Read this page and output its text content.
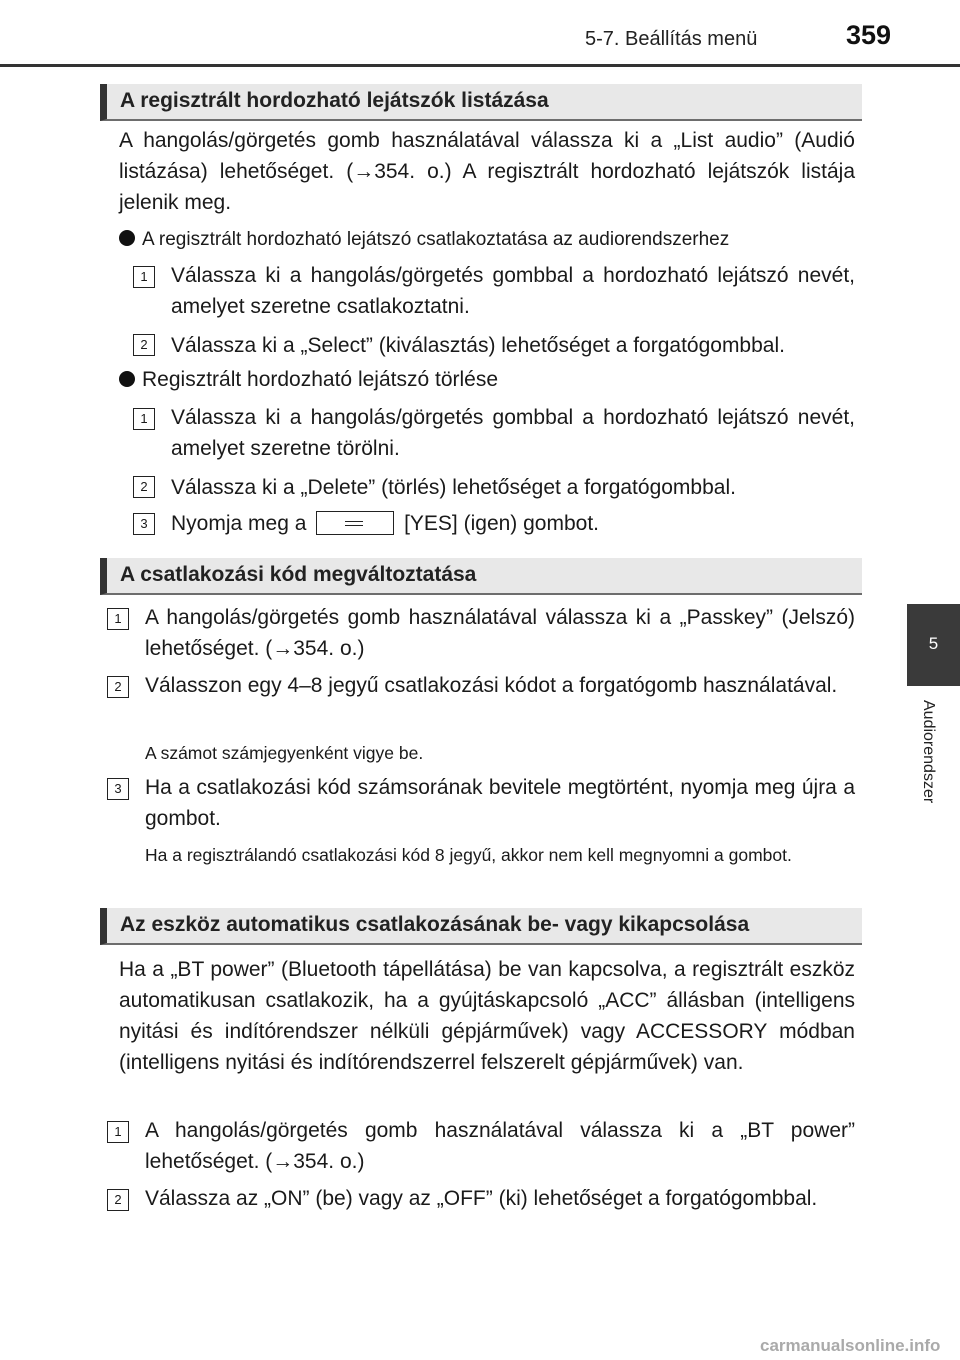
5-7. Beállítás menü	359
5
Audiorendszer
A regisztrált hordozható lejátszók listázása
A hangolás/görgetés gomb használatával válassza ki a „List audio” (Audió listázása) lehetőséget. (→354. o.) A regisztrált hordozható lejátszók listája jelenik meg.
A regisztrált hordozható lejátszó csatlakoztatása az audiorendszerhez
1	Válassza ki a hangolás/görgetés gombbal a hordozható lejátszó nevét, amelyet szeretne csatlakoztatni.
2	Válassza ki a „Select” (kiválasztás) lehetőséget a forgatógombbal.
Regisztrált hordozható lejátszó törlése
1	Válassza ki a hangolás/görgetés gombbal a hordozható lejátszó nevét, amelyet szeretne törölni.
2	Válassza ki a „Delete” (törlés) lehetőséget a forgatógombbal.
3	Nyomja meg a	[YES] (igen) gombot.
A csatlakozási kód megváltoztatása
1	A hangolás/görgetés gomb használatával válassza ki a „Passkey” (Jelszó) lehetőséget. (→354. o.)
2	Válasszon egy 4–8 jegyű csatlakozási kódot a forgatógomb használatával.
A számot számjegyenként vigye be.
3	Ha a csatlakozási kód számsorának bevitele megtörtént, nyomja meg újra a gombot.
Ha a regisztrálandó csatlakozási kód 8 jegyű, akkor nem kell megnyomni a gombot.
Az eszköz automatikus csatlakozásának be- vagy kikapcsolása
Ha a „BT power” (Bluetooth tápellátása) be van kapcsolva, a regisztrált eszköz automatikusan csatlakozik, ha a gyújtáskapcsoló „ACC” állásban (intelligens nyitási és indítórendszer nélküli gépjárművek) vagy ACCESSORY módban (intelligens nyitási és indítórendszerrel felszerelt gépjárművek) van.
1	A hangolás/görgetés gomb használatával válassza ki a „BT power” lehetőséget. (→354. o.)
2	Válassza az „ON” (be) vagy az „OFF” (ki) lehetőséget a forgatógombbal.
carmanualsonline.info
